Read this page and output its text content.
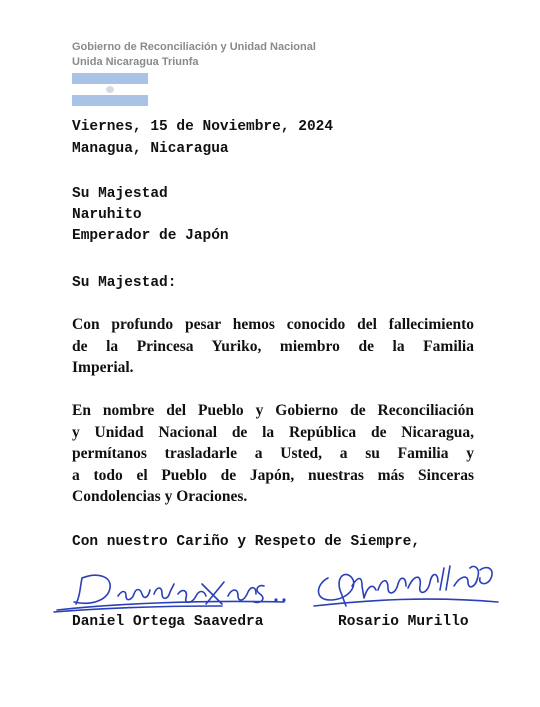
Gobierno de Reconciliación y Unidad Nacional
Unida Nicaragua Triunfa
Viernes, 15 de Noviembre, 2024
Managua, Nicaragua
Su Majestad
Naruhito
Emperador de Japón
Su Majestad:
Con profundo pesar hemos conocido del fallecimiento
de la Princesa Yuriko, miembro de la Familia
Imperial.
En nombre del Pueblo y Gobierno de Reconciliación
y Unidad Nacional de la República de Nicaragua,
permítanos trasladarle a Usted, a su Familia y
a todo el Pueblo de Japón, nuestras más Sinceras
Condolencias y Oraciones.
Con nuestro Cariño y Respeto de Siempre,
Daniel Ortega Saavedra	Rosario Murillo
